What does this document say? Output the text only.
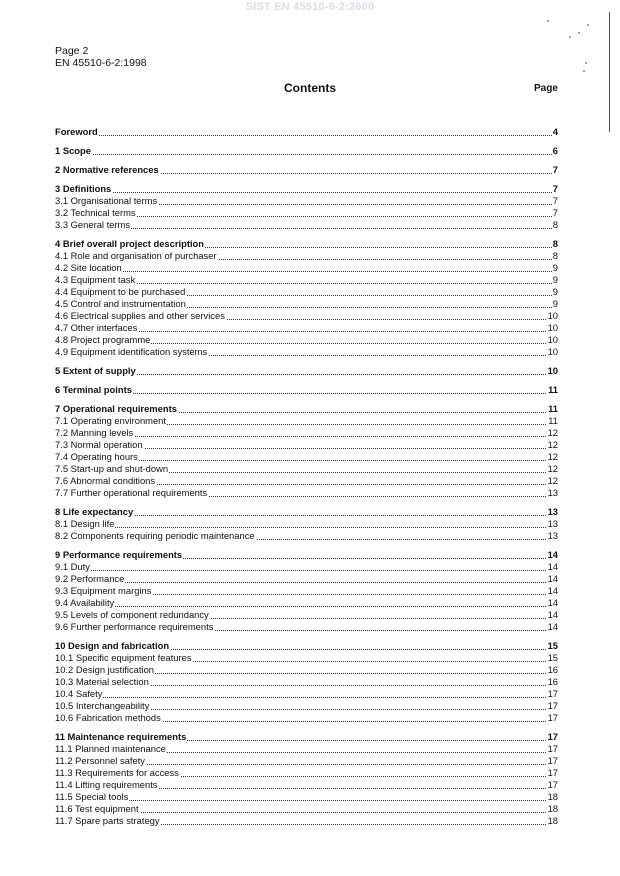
SIST EN 45510-6-2:2000
Page 2
EN 45510-6-2:1998
Contents	Page
Foreword	4
1 Scope	6
2 Normative references	7
3 Definitions	7
3.1 Organisational terms	7
3.2 Technical terms	7
3.3 General terms	8
4 Brief overall project description	8
4.1 Role and organisation of purchaser	8
4.2 Site location	9
4.3 Equipment task	9
4.4 Equipment to be purchased	9
4.5 Control and instrumentation	9
4.6 Electrical supplies and other services	10
4.7 Other interfaces	10
4.8 Project programme	10
4.9 Equipment identification systems	10
5 Extent of supply	10
6 Terminal points	11
7 Operational requirements	11
7.1 Operating environment	11
7.2 Manning levels	12
7.3 Normal operation	12
7.4 Operating hours	12
7.5 Start-up and shut-down	12
7.6 Abnormal conditions	12
7.7 Further operational requirements	13
8 Life expectancy	13
8.1 Design life	13
8.2 Components requiring periodic maintenance	13
9 Performance requirements	14
9.1 Duty	14
9.2 Performance	14
9.3 Equipment margins	14
9.4 Availability	14
9.5 Levels of component redundancy	14
9.6 Further performance requirements	14
10 Design and fabrication	15
10.1 Specific equipment features	15
10.2 Design justification	16
10.3 Material selection	16
10.4 Safety	17
10.5 Interchangeability	17
10.6 Fabrication methods	17
11 Maintenance requirements	17
11.1 Planned maintenance	17
11.2 Personnel safety	17
11.3 Requirements for access	17
11.4 Lifting requirements	17
11.5 Special tools	18
11.6 Test equipment	18
11.7 Spare parts strategy	18
